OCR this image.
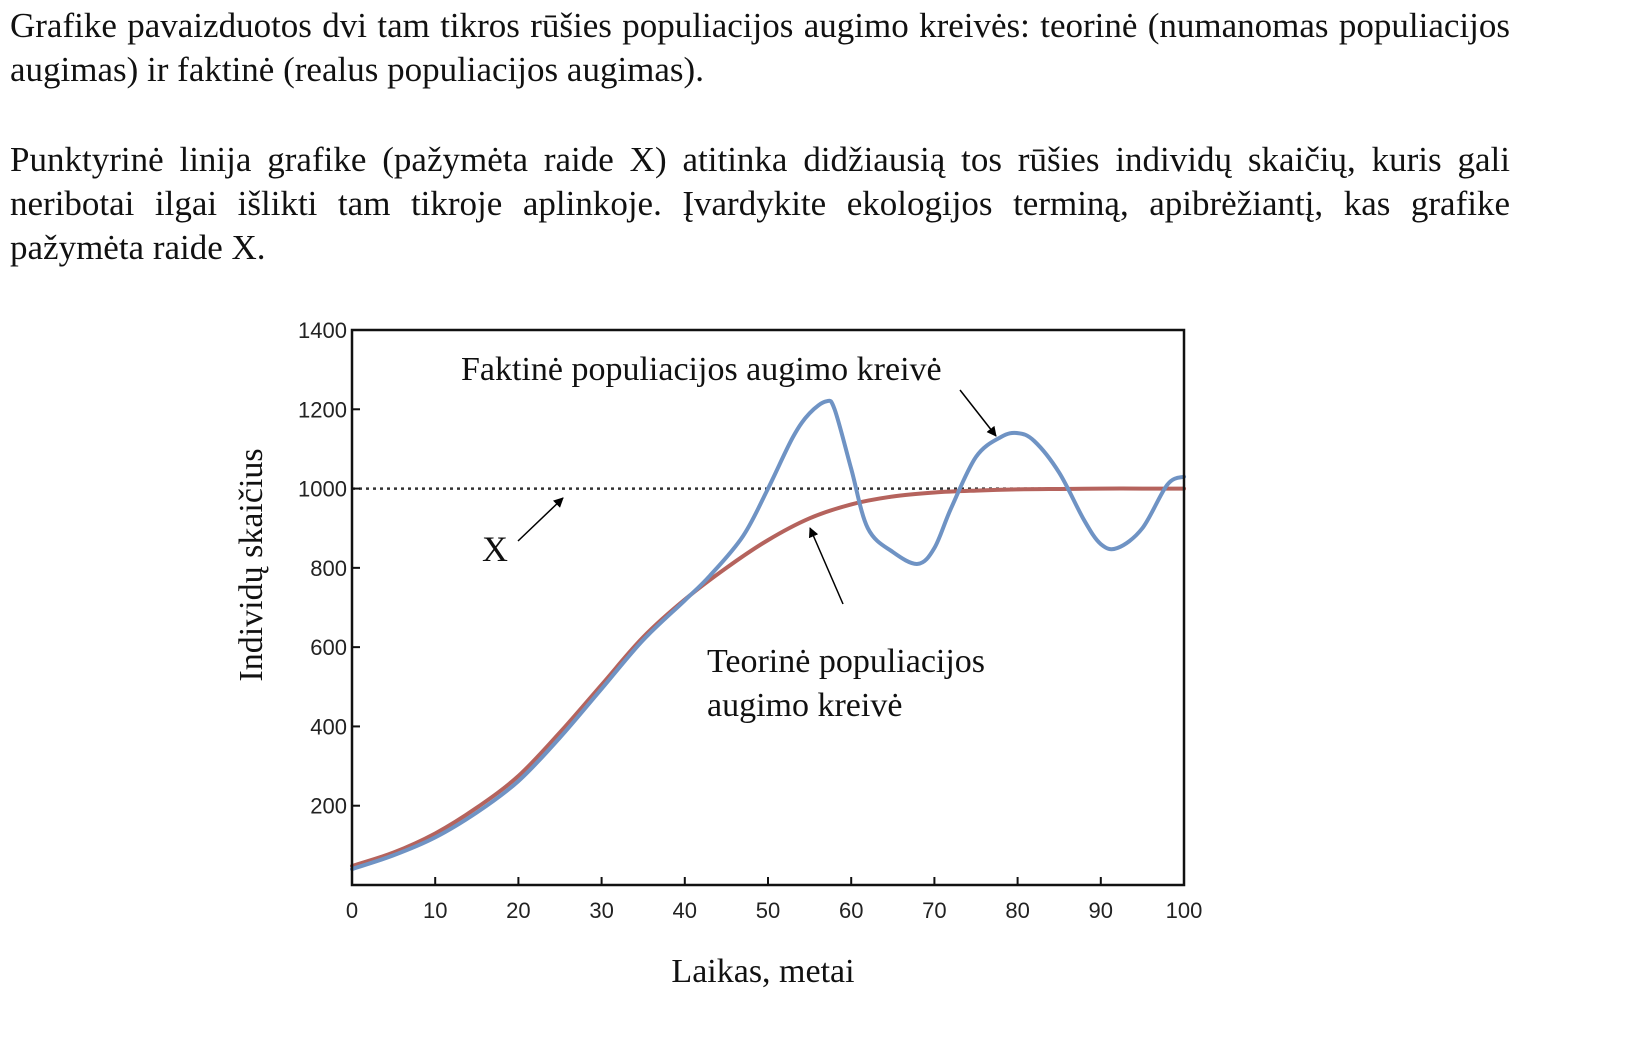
Grafike pavaizduotos dvi tam tikros rūšies populiacijos augimo kreivės: teorinė (numanomas populiacijos augimas) ir faktinė (realus populiacijos augimas).
Punktyrinė linija grafike (pažymėta raide X) atitinka didžiausią tos rūšies individų skaičių, kuris gali neribotai ilgai išlikti tam tikroje aplinkoje. Įvardykite ekologijos terminą, apibrėžiantį, kas grafike pažymėta raide X.
0	10	20	30	40	50	60	70	80	90 100
200
400
600
800
1000
1200
1400
Individų skaičius
Laikas, metai
Faktinė populiacijos augimo kreivė
Teorinė populiacijos
augimo kreivė
X
